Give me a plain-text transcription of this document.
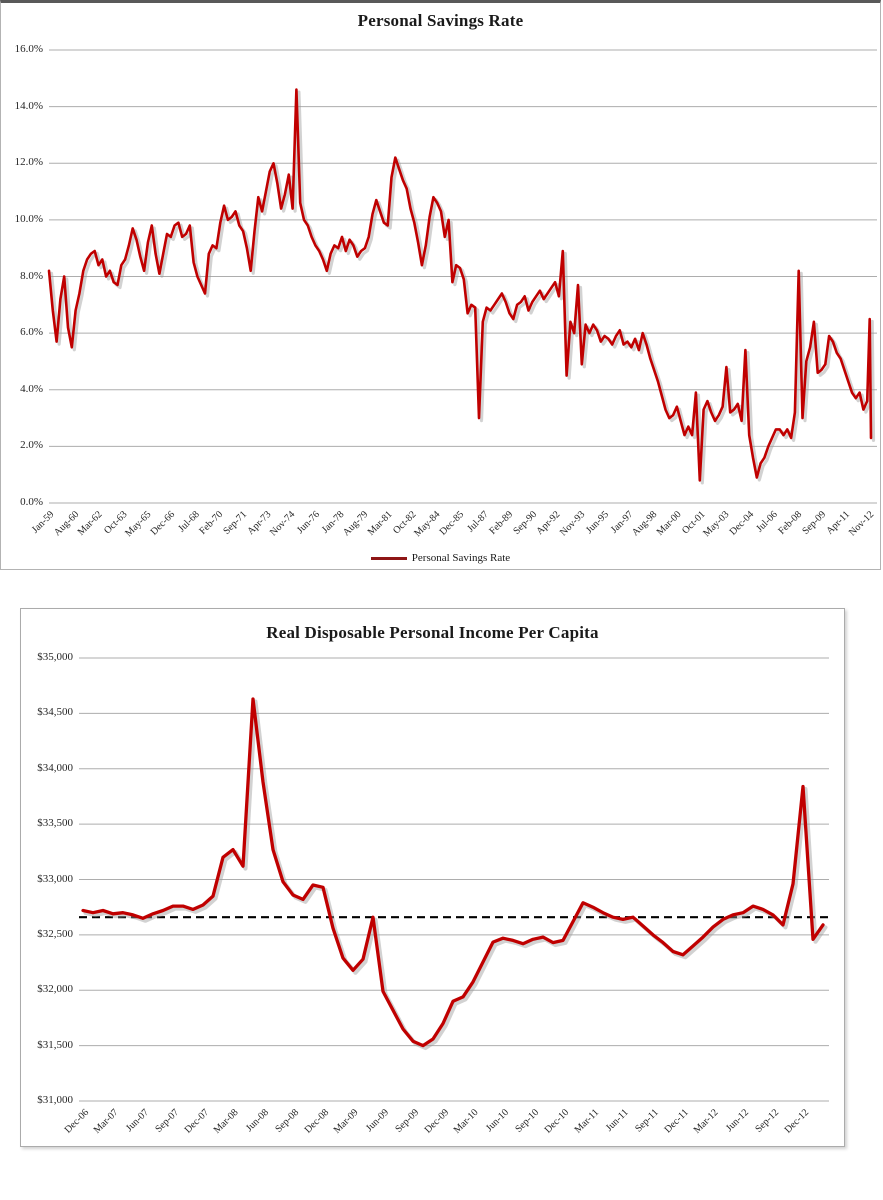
Personal Savings Rate
Personal Savings Rate
0.0%
2.0%
4.0%
6.0%
8.0%
10.0%
12.0%
14.0%
16.0%
Jan-59
Aug-60
Mar-62
Oct-63
May-65
Dec-66
Jul-68
Feb-70
Sep-71
Apr-73
Nov-74
Jun-76
Jan-78
Aug-79
Mar-81
Oct-82
May-84
Dec-85
Jul-87
Feb-89
Sep-90
Apr-92
Nov-93
Jun-95
Jan-97
Aug-98
Mar-00
Oct-01
May-03
Dec-04
Jul-06
Feb-08
Sep-09
Apr-11
Nov-12
Real Disposable Personal Income Per Capita
$31,000
$31,500
$32,000
$32,500
$33,000
$33,500
$34,000
$34,500
$35,000
Dec-06 Mar-07 Jun-07 Sep-07 Dec-07 Mar-08 Jun-08 Sep-08 Dec-08 Mar-09 Jun-09 Sep-09 Dec-09 Mar-10 Jun-10 Sep-10 Dec-10 Mar-11 Jun-11 Sep-11 Dec-11 Mar-12 Jun-12 Sep-12 Dec-12
